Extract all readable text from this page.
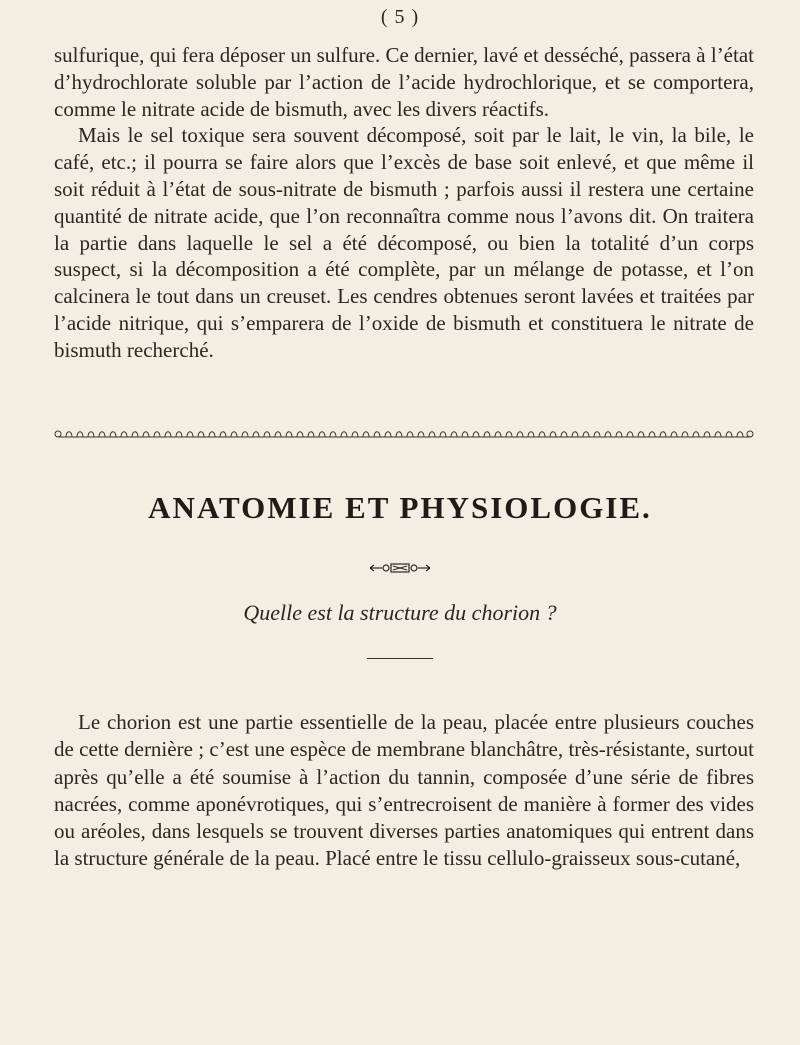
( 5 )

sulfurique, qui fera déposer un sulfure. Ce dernier, lavé et desséché, passera à l’état d’hydrochlorate soluble par l’action de l’acide hydrochlorique, et se comportera, comme le nitrate acide de bismuth, avec les divers réactifs.

Mais le sel toxique sera souvent décomposé, soit par le lait, le vin, la bile, le café, etc.; il pourra se faire alors que l’excès de base soit enlevé, et que même il soit réduit à l’état de sous-nitrate de bismuth ; parfois aussi il restera une certaine quantité de nitrate acide, que l’on reconnaîtra comme nous l’avons dit. On traitera la partie dans laquelle le sel a été décomposé, ou bien la totalité d’un corps suspect, si la décomposition a été complète, par un mélange de potasse, et l’on calcinera le tout dans un creuset. Les cendres obtenues seront lavées et traitées par l’acide nitrique, qui s’emparera de l’oxide de bismuth et constituera le nitrate de bismuth recherché.

ANATOMIE ET PHYSIOLOGIE.
Quelle est la structure du chorion ?

Le chorion est une partie essentielle de la peau, placée entre plusieurs couches de cette dernière ; c’est une espèce de membrane blanchâtre, très-résistante, surtout après qu’elle a été soumise à l’action du tannin, composée d’une série de fibres nacrées, comme aponévrotiques, qui s’entrecroisent de manière à former des vides ou aréoles, dans lesquels se trouvent diverses parties anatomiques qui entrent dans la structure générale de la peau. Placé entre le tissu cellulo-graisseux sous-cutané,
